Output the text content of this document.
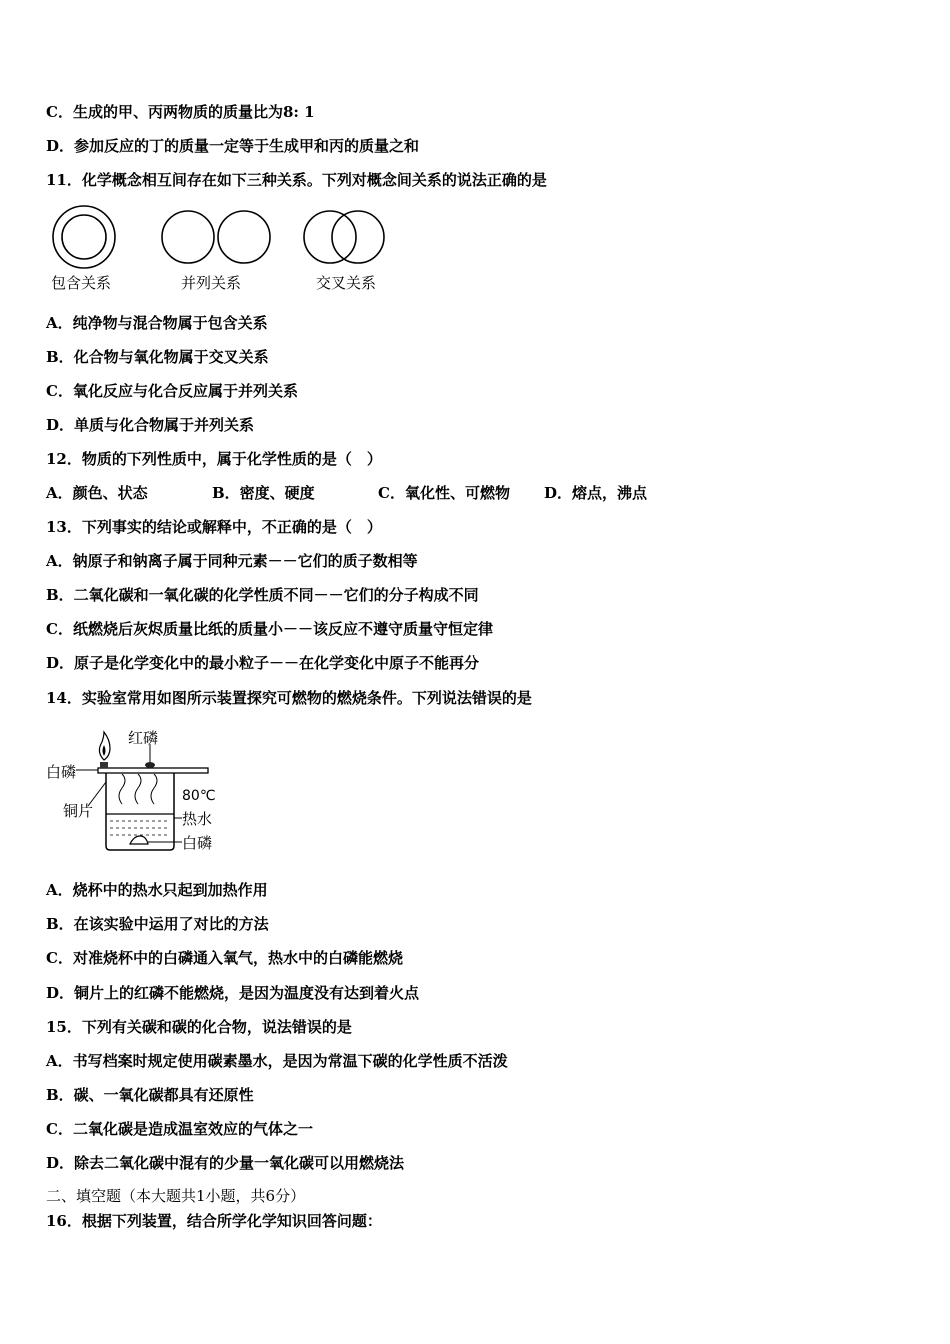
C．生成的甲、丙两物质的质量比为8: 1
D．参加反应的丁的质量一定等于生成甲和丙的质量之和
11．化学概念相互间存在如下三种关系。下列对概念间关系的说法正确的是
包含关系	并列关系	交叉关系
A．纯净物与混合物属于包含关系
B．化合物与氧化物属于交叉关系
C．氧化反应与化合反应属于并列关系
D．单质与化合物属于并列关系
12．物质的下列性质中，属于化学性质的是（　）
A．颜色、状态	B．密度、硬度	C．氧化性、可燃物 D．熔点，沸点
13．下列事实的结论或解释中，不正确的是（　）
A．钠原子和钠离子属于同种元素－－它们的质子数相等
B．二氧化碳和一氧化碳的化学性质不同－－它们的分子构成不同
C．纸燃烧后灰烬质量比纸的质量小－－该反应不遵守质量守恒定律
D．原子是化学变化中的最小粒子－－在化学变化中原子不能再分
14．实验室常用如图所示装置探究可燃物的燃烧条件。下列说法错误的是
红磷
白磷
铜片
80℃
热水
白磷
A．烧杯中的热水只起到加热作用
B．在该实验中运用了对比的方法
C．对准烧杯中的白磷通入氧气，热水中的白磷能燃烧
D．铜片上的红磷不能燃烧，是因为温度没有达到着火点
15．下列有关碳和碳的化合物，说法错误的是
A．书写档案时规定使用碳素墨水，是因为常温下碳的化学性质不活泼
B．碳、一氧化碳都具有还原性
C．二氧化碳是造成温室效应的气体之一
D．除去二氧化碳中混有的少量一氧化碳可以用燃烧法
二、填空题（本大题共1小题，共6分）
16．根据下列装置，结合所学化学知识回答问题：
